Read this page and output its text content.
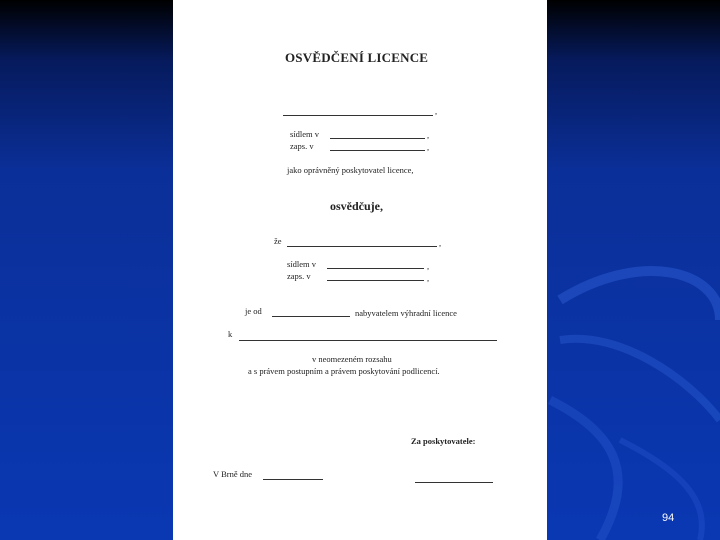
OSVĚDČENÍ LICENCE
,
sídlem v	,
zaps. v	,
jako oprávněný poskytovatel licence,
osvědčuje,
že	,
sídlem v	,
zaps. v	,
je od	nabyvatelem výhradní licence
k
v neomezeném rozsahu
a s právem postupním a právem poskytování podlicencí.
Za poskytovatele:
V Brně dne
94
